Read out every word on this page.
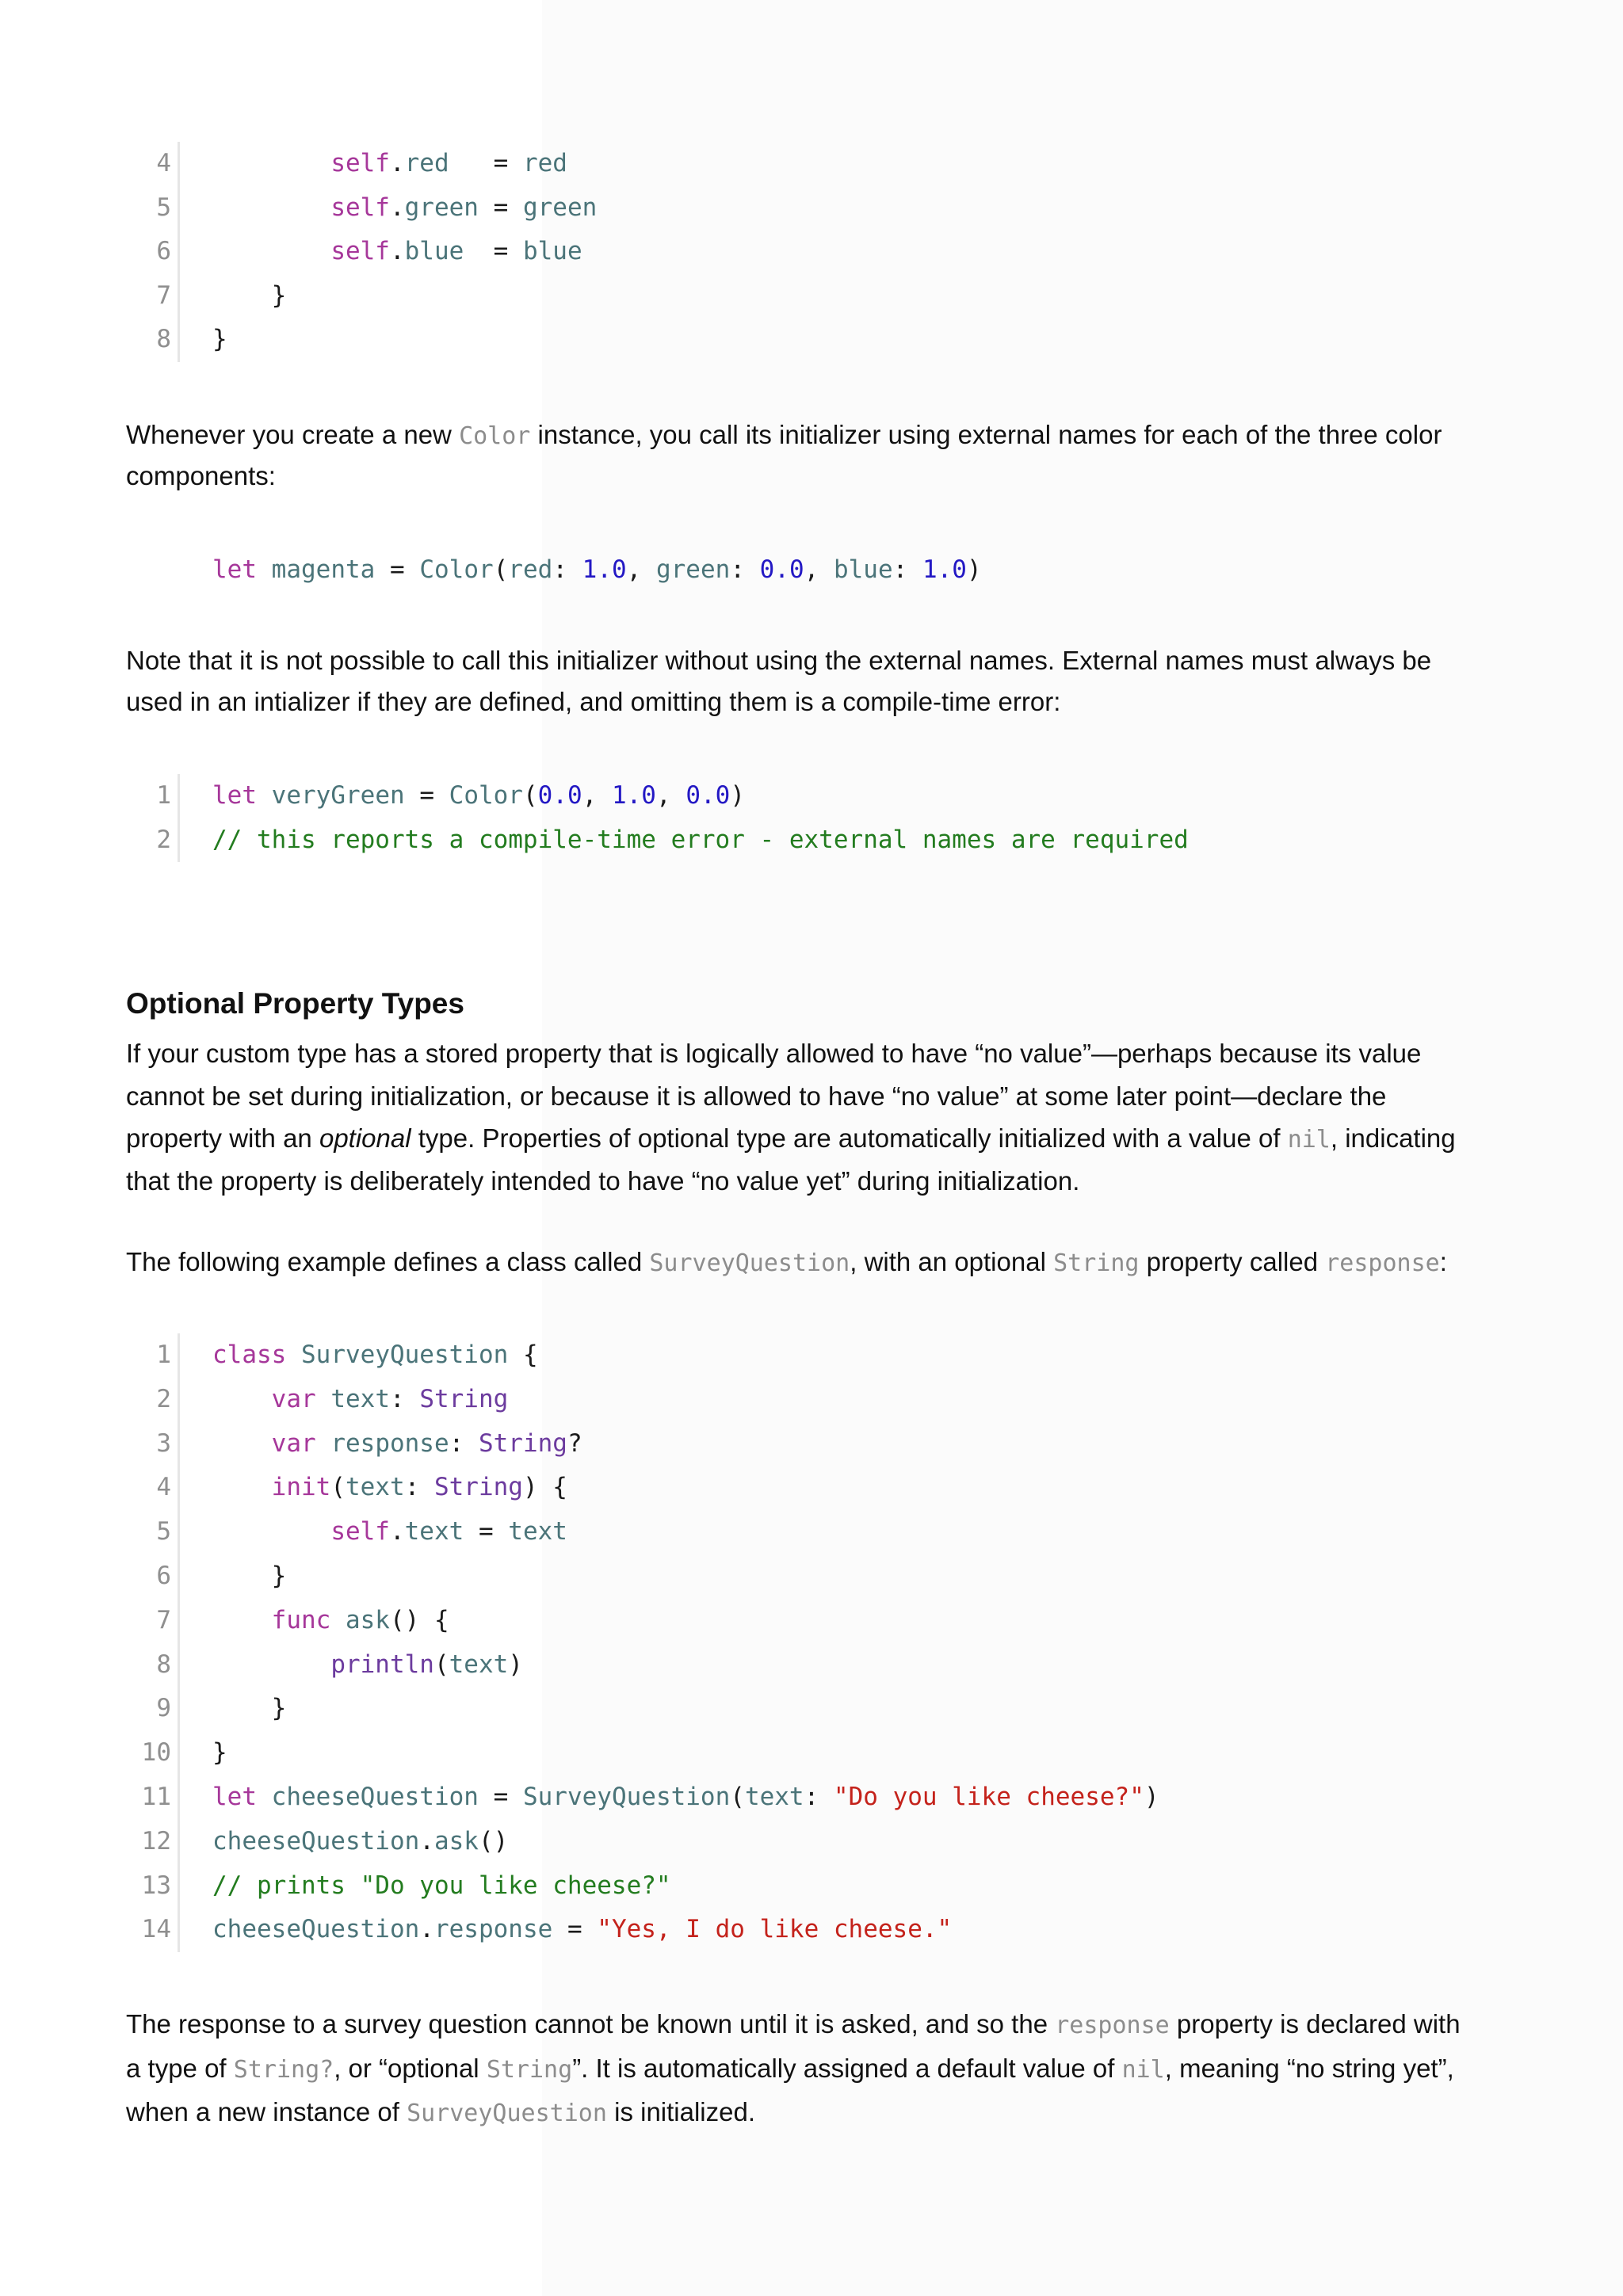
4
5
6
7
8
self.red   = red
self.green = green
self.blue  = blue
}
}
Whenever you create a new Color instance, you call its initializer using external names for each of the three color
components:
let magenta = Color(red: 1.0, green: 0.0, blue: 1.0)
Note that it is not possible to call this initializer without using the external names. External names must always be
used in an intializer if they are defined, and omitting them is a compile-time error:
1
2
let veryGreen = Color(0.0, 1.0, 0.0)
// this reports a compile-time error - external names are required
Optional Property Types
If your custom type has a stored property that is logically allowed to have “no value”—perhaps because its value
cannot be set during initialization, or because it is allowed to have “no value” at some later point—declare the
property with an optional type. Properties of optional type are automatically initialized with a value of nil, indicating
that the property is deliberately intended to have “no value yet” during initialization.
The following example defines a class called SurveyQuestion, with an optional String property called response:
1
2
3
4
5
6
7
8
9
10
11
12
13
14
class SurveyQuestion {
var text: String
var response: String?
init(text: String) {
self.text = text
}
func ask() {
println(text)
}
}
let cheeseQuestion = SurveyQuestion(text: "Do you like cheese?")
cheeseQuestion.ask()
// prints "Do you like cheese?"
cheeseQuestion.response = "Yes, I do like cheese."
The response to a survey question cannot be known until it is asked, and so the response property is declared with
a type of String?, or “optional String”. It is automatically assigned a default value of nil, meaning “no string yet”,
when a new instance of SurveyQuestion is initialized.
